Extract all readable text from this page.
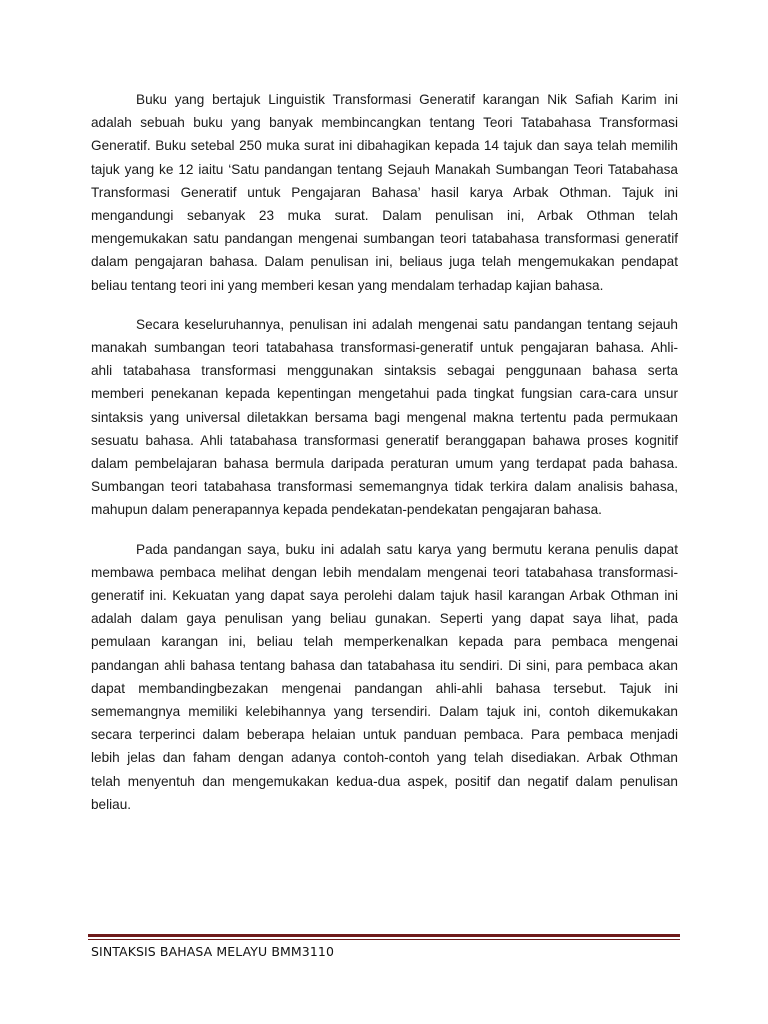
Buku yang bertajuk Linguistik Transformasi Generatif karangan Nik Safiah Karim ini
adalah sebuah buku yang banyak membincangkan tentang Teori Tatabahasa Transformasi
Generatif. Buku setebal 250 muka surat ini dibahagikan kepada 14 tajuk dan saya telah memilih
tajuk yang ke 12 iaitu ‘Satu pandangan tentang Sejauh Manakah Sumbangan Teori Tatabahasa
Transformasi Generatif untuk Pengajaran Bahasa’ hasil karya Arbak Othman. Tajuk ini
mengandungi sebanyak 23 muka surat. Dalam penulisan ini, Arbak Othman telah
mengemukakan satu pandangan mengenai sumbangan teori tatabahasa transformasi generatif
dalam pengajaran bahasa. Dalam penulisan ini, beliaus juga telah mengemukakan pendapat
beliau tentang teori ini yang memberi kesan yang mendalam terhadap kajian bahasa.
Secara keseluruhannya, penulisan ini adalah mengenai satu pandangan tentang sejauh
manakah sumbangan teori tatabahasa transformasi-generatif untuk pengajaran bahasa. Ahli-
ahli tatabahasa transformasi menggunakan sintaksis sebagai penggunaan bahasa serta
memberi penekanan kepada kepentingan mengetahui pada tingkat fungsian cara-cara unsur
sintaksis yang universal diletakkan bersama bagi mengenal makna tertentu pada permukaan
sesuatu bahasa. Ahli tatabahasa transformasi generatif beranggapan bahawa proses kognitif
dalam pembelajaran bahasa bermula daripada peraturan umum yang terdapat pada bahasa.
Sumbangan teori tatabahasa transformasi sememangnya tidak terkira dalam analisis bahasa,
mahupun dalam penerapannya kepada pendekatan-pendekatan pengajaran bahasa.
Pada pandangan saya, buku ini adalah satu karya yang bermutu kerana penulis dapat
membawa pembaca melihat dengan lebih mendalam mengenai teori tatabahasa transformasi-
generatif ini. Kekuatan yang dapat saya perolehi dalam tajuk hasil karangan Arbak Othman ini
adalah dalam gaya penulisan yang beliau gunakan. Seperti yang dapat saya lihat, pada
pemulaan karangan ini, beliau telah memperkenalkan kepada para pembaca mengenai
pandangan ahli bahasa tentang bahasa dan tatabahasa itu sendiri. Di sini, para pembaca akan
dapat membandingbezakan mengenai pandangan ahli-ahli bahasa tersebut. Tajuk ini
sememangnya memiliki kelebihannya yang tersendiri. Dalam tajuk ini, contoh dikemukakan
secara terperinci dalam beberapa helaian untuk panduan pembaca. Para pembaca menjadi
lebih jelas dan faham dengan adanya contoh-contoh yang telah disediakan. Arbak Othman
telah menyentuh dan mengemukakan kedua-dua aspek, positif dan negatif dalam penulisan
beliau.
SINTAKSIS BAHASA MELAYU BMM3110
